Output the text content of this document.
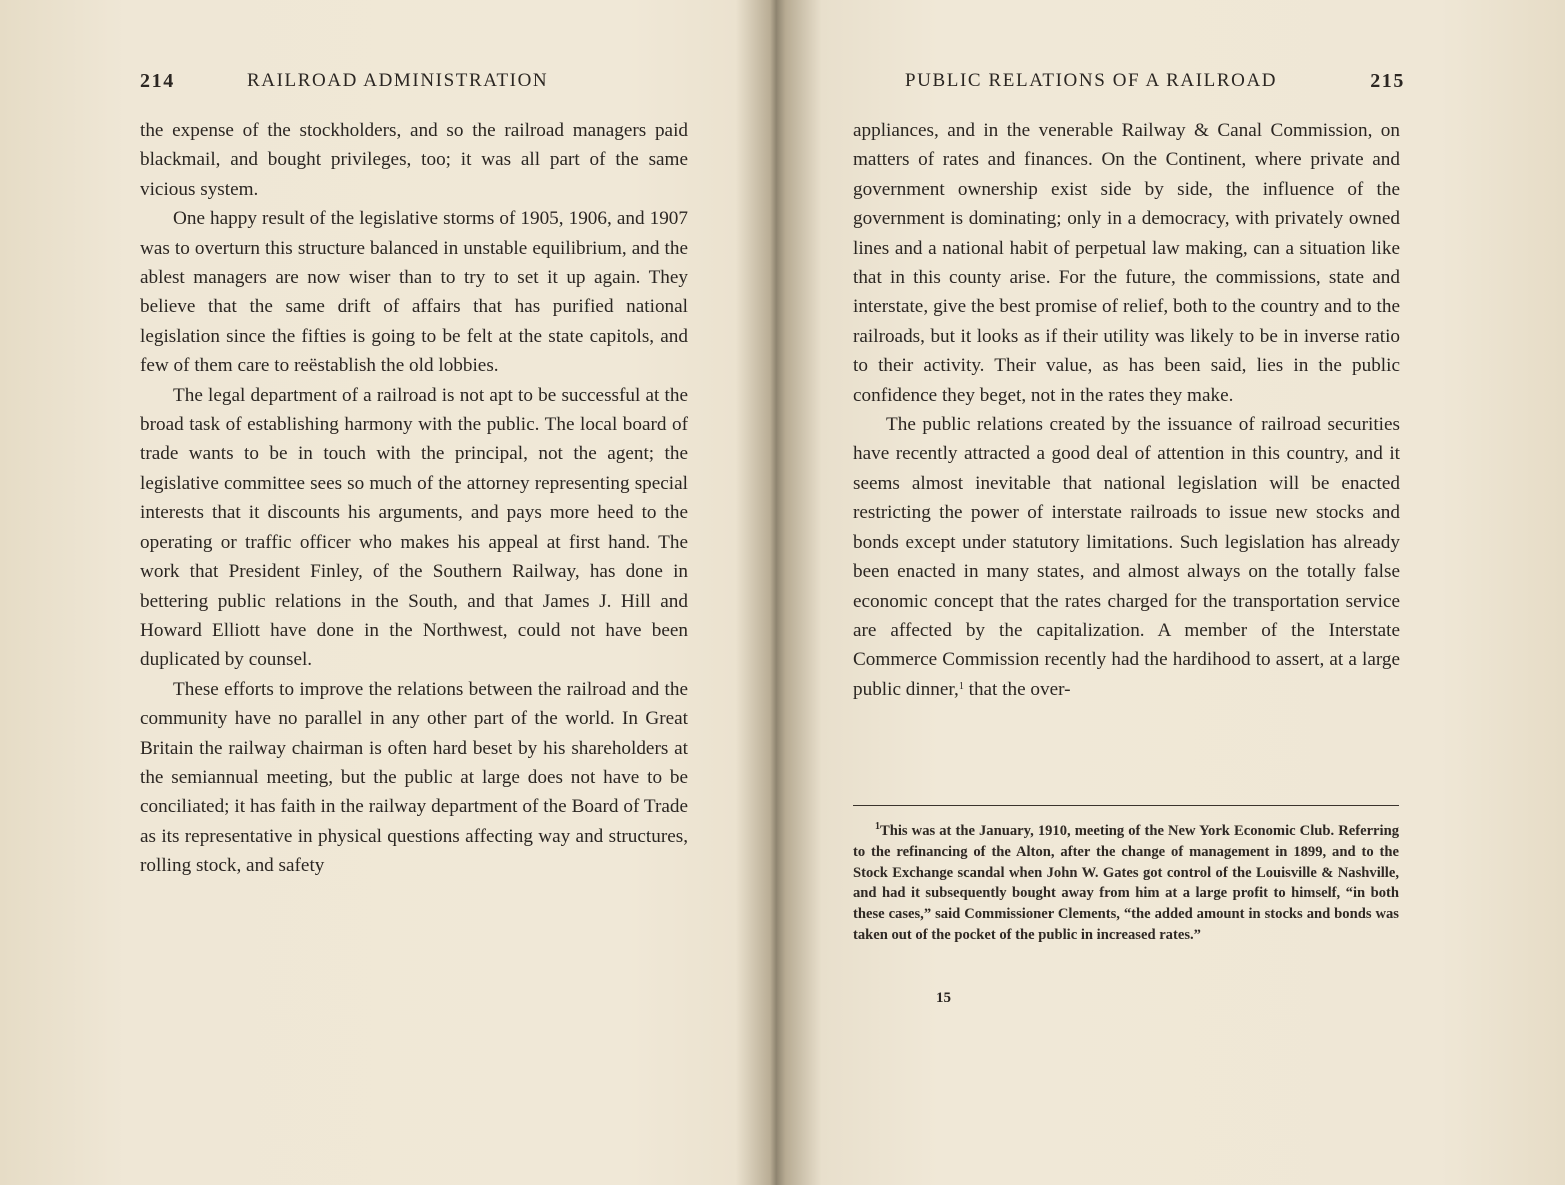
214	RAILROAD ADMINISTRATION

the expense of the stockholders, and so the railroad managers paid blackmail, and bought privileges, too; it was all part of the same vicious system.

One happy result of the legislative storms of 1905, 1906, and 1907 was to overturn this structure balanced in unstable equilibrium, and the ablest managers are now wiser than to try to set it up again. They believe that the same drift of affairs that has purified national legislation since the fifties is going to be felt at the state capitols, and few of them care to reëstablish the old lobbies.

The legal department of a railroad is not apt to be successful at the broad task of establishing harmony with the public. The local board of trade wants to be in touch with the principal, not the agent; the legislative committee sees so much of the attorney representing special interests that it discounts his arguments, and pays more heed to the operating or traffic officer who makes his appeal at first hand. The work that President Finley, of the Southern Railway, has done in bettering public relations in the South, and that James J. Hill and Howard Elliott have done in the Northwest, could not have been duplicated by counsel.

These efforts to improve the relations between the railroad and the community have no parallel in any other part of the world. In Great Britain the railway chairman is often hard beset by his shareholders at the semiannual meeting, but the public at large does not have to be conciliated; it has faith in the railway department of the Board of Trade as its representative in physical questions affecting way and structures, rolling stock, and safety

PUBLIC RELATIONS OF A RAILROAD	215

appliances, and in the venerable Railway & Canal Commission, on matters of rates and finances. On the Continent, where private and government ownership exist side by side, the influence of the government is dominating; only in a democracy, with privately owned lines and a national habit of perpetual law making, can a situation like that in this county arise. For the future, the commissions, state and interstate, give the best promise of relief, both to the country and to the railroads, but it looks as if their utility was likely to be in inverse ratio to their activity. Their value, as has been said, lies in the public confidence they beget, not in the rates they make.

The public relations created by the issuance of railroad securities have recently attracted a good deal of attention in this country, and it seems almost inevitable that national legislation will be enacted restricting the power of interstate railroads to issue new stocks and bonds except under statutory limitations. Such legislation has already been enacted in many states, and almost always on the totally false economic concept that the rates charged for the transportation service are affected by the capitalization. A member of the Interstate Commerce Commission recently had the hardihood to assert, at a large public dinner,$^1$ that the over-

$^1$This was at the January, 1910, meeting of the New York Economic Club. Referring to the refinancing of the Alton, after the change of management in 1899, and to the Stock Exchange scandal when John W. Gates got control of the Louisville & Nashville, and had it subsequently bought away from him at a large profit to himself, “in both these cases,” said Commissioner Clements, “the added amount in stocks and bonds was taken out of the pocket of the public in increased rates.”
15
